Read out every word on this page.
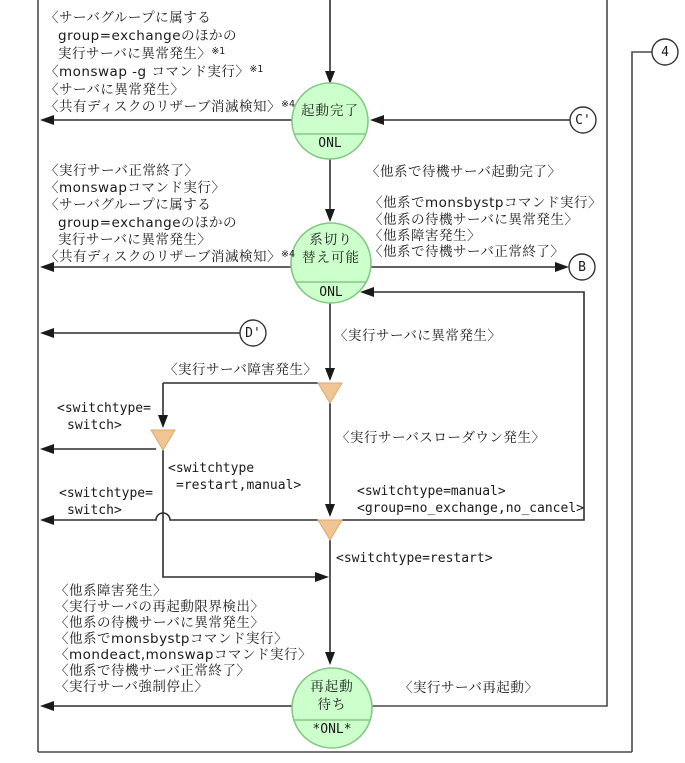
起動完了
ONL
系切り
替え可能
ONL
再起動
待ち
*ONL*
C'
B
D'
4
〈サーバグループに属する
group=exchangeのほかの
実行サーバに異常発生〉$^{※1}$
〈monswap -g コマンド実行〉$^{※1}$
〈サーバに異常発生〉
〈共有ディスクのリザーブ消滅検知〉$^{※4}$
〈実行サーバ正常終了〉
〈monswapコマンド実行〉
〈サーバグループに属する
group=exchangeのほかの
実行サーバに異常発生〉
〈共有ディスクのリザーブ消滅検知〉$^{※4}$
〈他系で待機サーバ起動完了〉
〈他系でmonsbystpコマンド実行〉
〈他系の待機サーバに異常発生〉
〈他系障害発生〉
〈他系で待機サーバ正常終了〉
〈実行サーバに異常発生〉
〈実行サーバ障害発生〉
〈実行サーバスローダウン発生〉
<switchtype=
switch>
<switchtype
=restart,manual>
<switchtype=
switch>
<switchtype=manual>
<group=no_exchange,no_cancel>
<switchtype=restart>
〈他系障害発生〉
〈実行サーバの再起動限界検出〉
〈他系の待機サーバに異常発生〉
〈他系でmonsbystpコマンド実行〉
〈mondeact,monswapコマンド実行〉
〈他系で待機サーバ正常終了〉
〈実行サーバ強制停止〉	〈実行サーバ再起動〉
